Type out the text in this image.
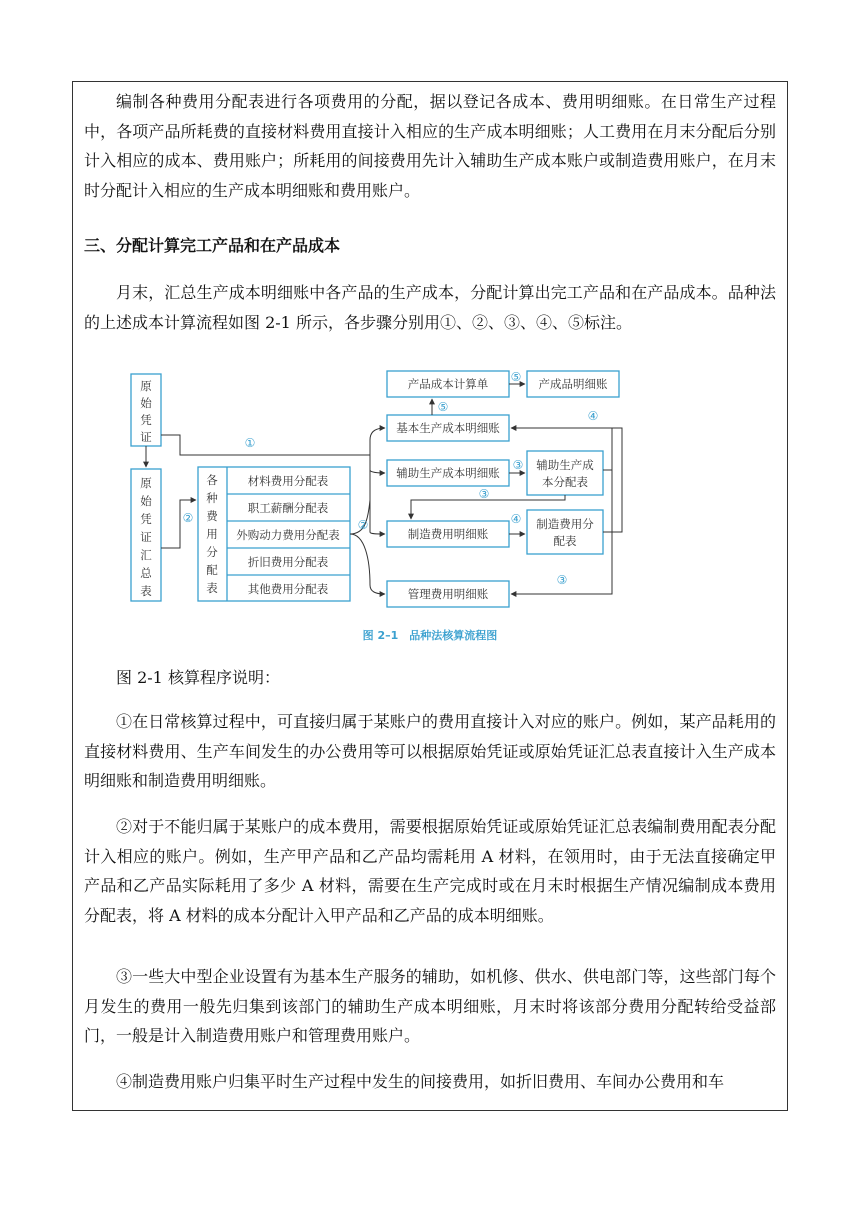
编制各种费用分配表进行各项费用的分配，据以登记各成本、费用明细账。在日常生产过程中，各项产品所耗费的直接材料费用直接计入相应的生产成本明细账；人工费用在月末分配后分别计入相应的成本、费用账户；所耗用的间接费用先计入辅助生产成本账户或制造费用账户，在月末时分配计入相应的生产成本明细账和费用账户。

三、分配计算完工产品和在产品成本

月末，汇总生产成本明细账中各产品的生产成本，分配计算出完工产品和在产品成本。品种法的上述成本计算流程如图 2-1 所示，各步骤分别用①、②、③、④、⑤标注。

原
始
凭
证
原
始
凭
证
汇
总
表
各
种
费
用
分
配
表
材料费用分配表
职工薪酬分配表
外购动力费用分配表
折旧费用分配表
其他费用分配表
产品成本计算单	产成品明细账
基本生产成本明细账
辅助生产成本明细账
辅助生产成
本分配表
制造费用明细账
制造费用分
配表
管理费用明细账
①
②	②
⑤
⑤
④
③
③
④
③
图 2–1　品种法核算流程图

图 2-1 核算程序说明：

①在日常核算过程中，可直接归属于某账户的费用直接计入对应的账户。例如，某产品耗用的直接材料费用、生产车间发生的办公费用等可以根据原始凭证或原始凭证汇总表直接计入生产成本明细账和制造费用明细账。

②对于不能归属于某账户的成本费用，需要根据原始凭证或原始凭证汇总表编制费用配表分配计入相应的账户。例如，生产甲产品和乙产品均需耗用 A 材料，在领用时，由于无法直接确定甲产品和乙产品实际耗用了多少 A 材料，需要在生产完成时或在月末时根据生产情况编制成本费用分配表，将 A 材料的成本分配计入甲产品和乙产品的成本明细账。

③一些大中型企业设置有为基本生产服务的辅助，如机修、供水、供电部门等，这些部门每个月发生的费用一般先归集到该部门的辅助生产成本明细账，月末时将该部分费用分配转给受益部门，一般是计入制造费用账户和管理费用账户。

④制造费用账户归集平时生产过程中发生的间接费用，如折旧费用、车间办公费用和车
